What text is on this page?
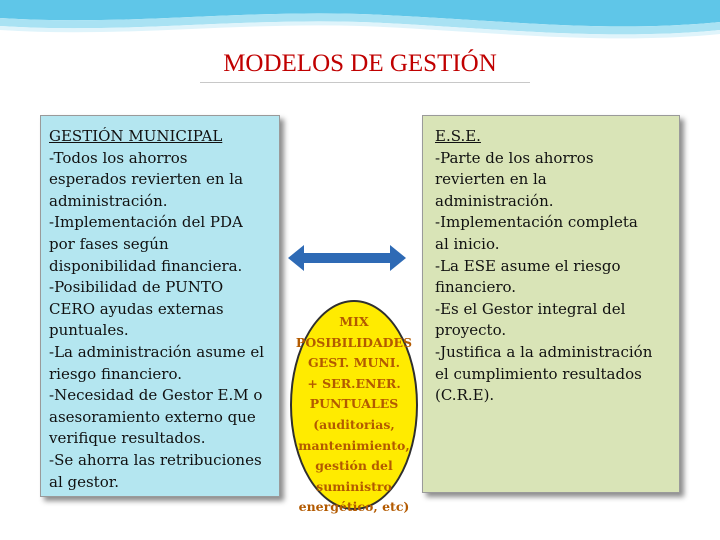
MODELOS DE GESTIÓN
GESTIÓN MUNICIPAL
-Todos los ahorros
esperados revierten en la
administración.
-Implementación del PDA
por fases según
disponibilidad financiera.
-Posibilidad de PUNTO
CERO ayudas externas
puntuales.
-La administración asume el
riesgo financiero.
-Necesidad de Gestor E.M o
asesoramiento externo que
verifique resultados.
-Se ahorra las retribuciones
al gestor.
MIX
POSIBILIDADES
GEST. MUNI.
+ SER.ENER.
PUNTUALES
(auditorias,
mantenimiento,
gestión del
suministro
energético, etc)
E.S.E.
-Parte de los ahorros
revierten en la
administración.
-Implementación completa
al inicio.
-La ESE asume el riesgo
financiero.
-Es el Gestor integral del
proyecto.
-Justifica a la administración
el cumplimiento resultados
(C.R.E).
